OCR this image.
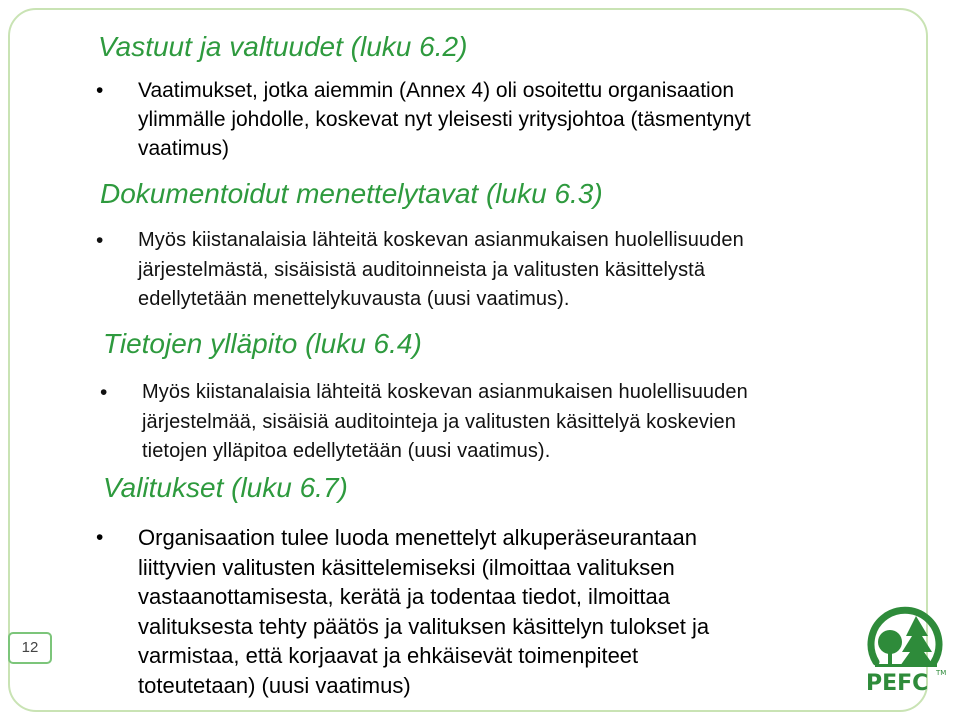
Vastuut ja valtuudet (luku 6.2)
• Vaatimukset, jotka aiemmin (Annex 4) oli osoitettu organisaation
ylimmälle johdolle, koskevat nyt yleisesti yritysjohtoa (täsmentynyt
vaatimus)
Dokumentoidut menettelytavat (luku 6.3)
• Myös kiistanalaisia lähteitä koskevan asianmukaisen huolellisuuden
järjestelmästä, sisäisistä auditoinneista ja valitusten käsittelystä
edellytetään menettelykuvausta (uusi vaatimus).
Tietojen ylläpito (luku 6.4)
• Myös kiistanalaisia lähteitä koskevan asianmukaisen huolellisuuden
järjestelmää, sisäisiä auditointeja ja valitusten käsittelyä koskevien
tietojen ylläpitoa edellytetään (uusi vaatimus).
Valitukset (luku 6.7)
• Organisaation tulee luoda menettelyt alkuperäseurantaan
liittyvien valitusten käsittelemiseksi (ilmoittaa valituksen
vastaanottamisesta, kerätä ja todentaa tiedot, ilmoittaa
valituksesta tehty päätös ja valituksen käsittelyn tulokset ja
varmistaa, että korjaavat ja ehkäisevät toimenpiteet
toteutetaan) (uusi vaatimus)
12
PEFC TM
